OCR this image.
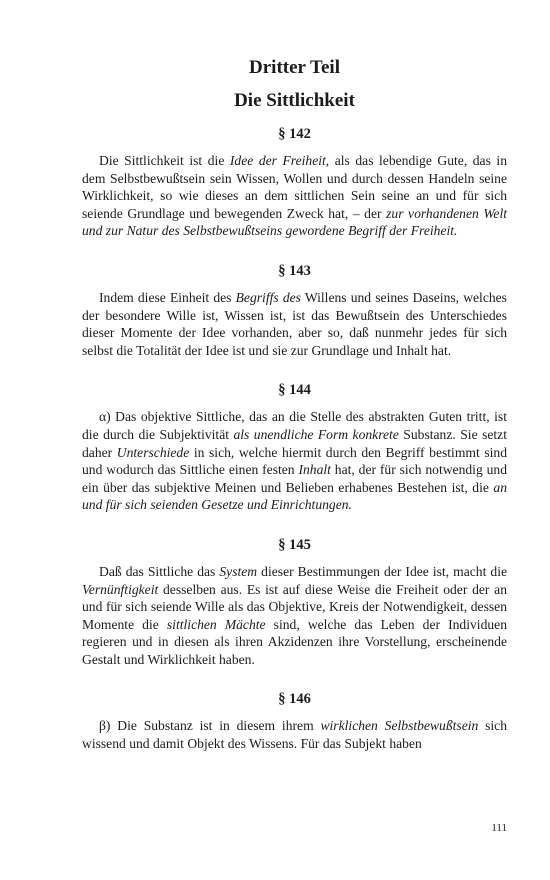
Dritter Teil
Die Sittlichkeit
§ 142

Die Sittlichkeit ist die Idee der Freiheit, als das lebendige Gute, das in dem Selbstbewußtsein sein Wissen, Wollen und durch dessen Handeln seine Wirklichkeit, so wie dieses an dem sittlichen Sein seine an und für sich seiende Grundlage und bewegenden Zweck hat, – der zur vorhandenen Welt und zur Natur des Selbstbewußtseins gewordene Begriff der Freiheit.

§ 143

Indem diese Einheit des Begriffs des Willens und seines Daseins, welches der besondere Wille ist, Wissen ist, ist das Bewußtsein des Unterschiedes dieser Momente der Idee vorhanden, aber so, daß nunmehr jedes für sich selbst die Totalität der Idee ist und sie zur Grundlage und Inhalt hat.

§ 144

α) Das objektive Sittliche, das an die Stelle des abstrakten Guten tritt, ist die durch die Subjektivität als unendliche Form konkrete Substanz. Sie setzt daher Unterschiede in sich, welche hiermit durch den Begriff bestimmt sind und wodurch das Sittliche einen festen Inhalt hat, der für sich notwendig und ein über das subjektive Meinen und Belieben erhabenes Bestehen ist, die an und für sich seienden Gesetze und Einrichtungen.

§ 145

Daß das Sittliche das System dieser Bestimmungen der Idee ist, macht die Vernünftigkeit desselben aus. Es ist auf diese Weise die Freiheit oder der an und für sich seiende Wille als das Objektive, Kreis der Notwendigkeit, dessen Momente die sittlichen Mächte sind, welche das Leben der Individuen regieren und in diesen als ihren Akzidenzen ihre Vorstellung, erscheinende Gestalt und Wirklichkeit haben.

§ 146

β) Die Substanz ist in diesem ihrem wirklichen Selbstbewußtsein sich wissend und damit Objekt des Wissens. Für das Subjekt haben

111
